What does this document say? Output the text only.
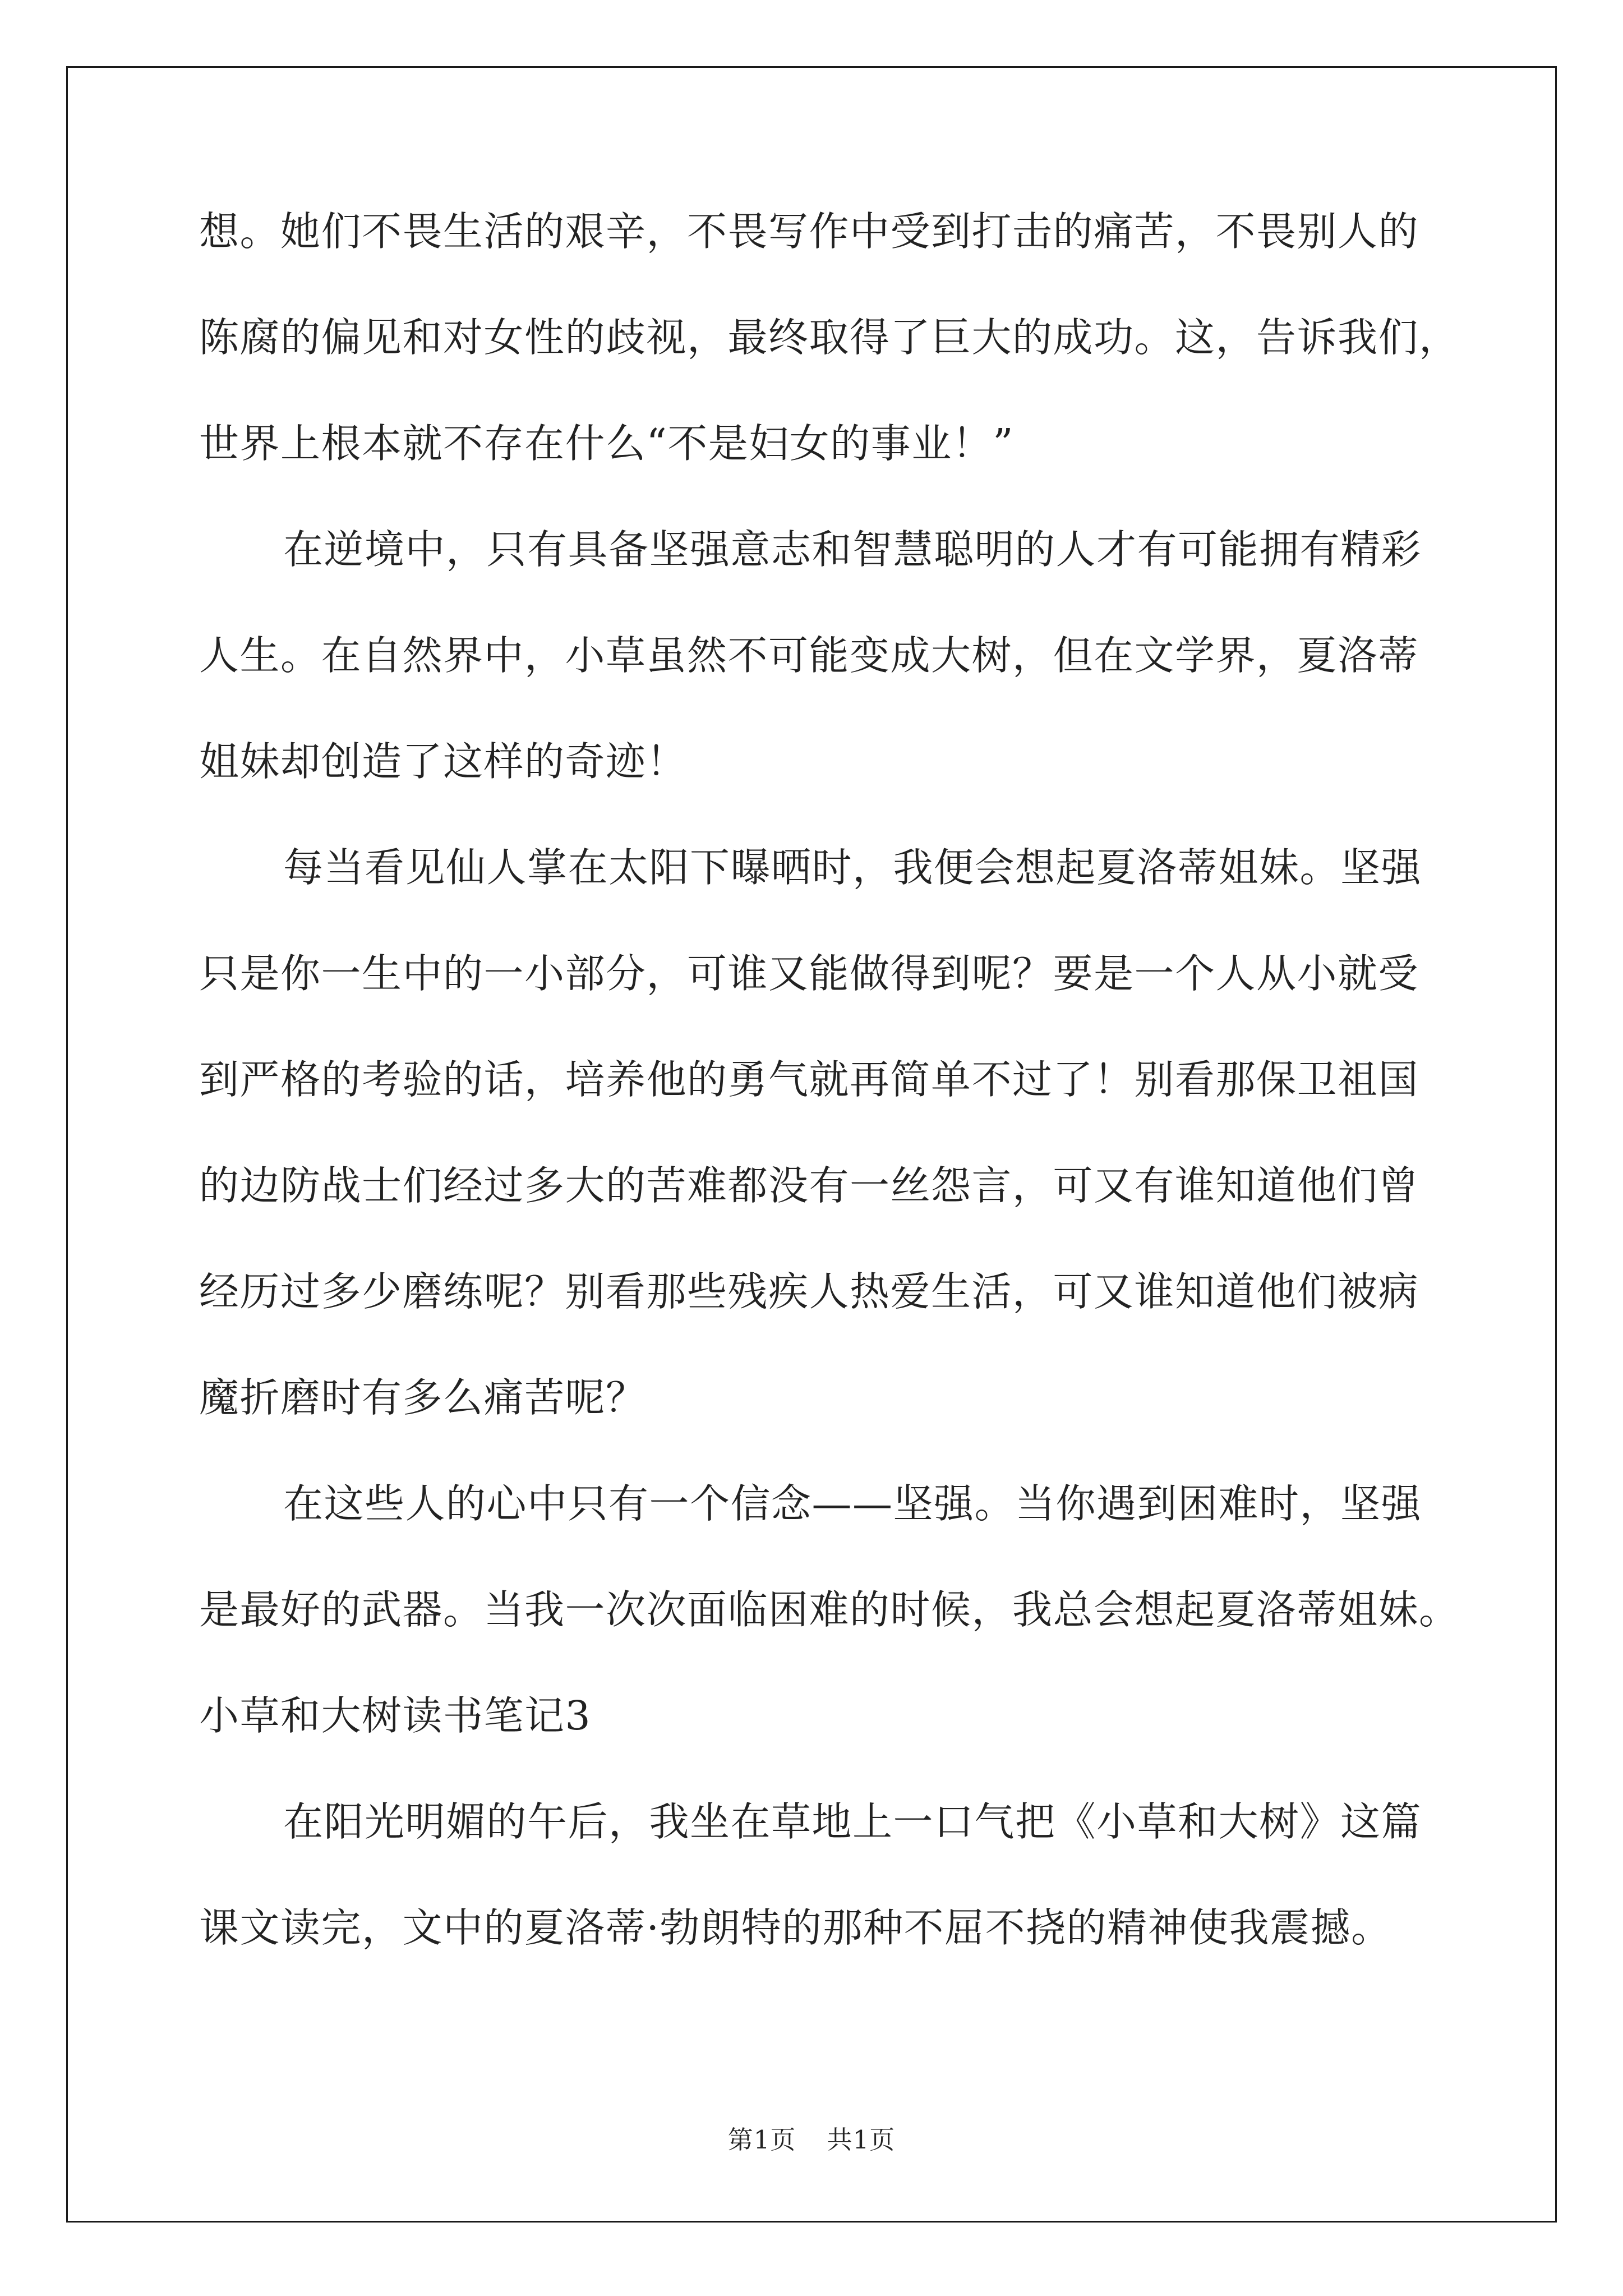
想。她们不畏生活的艰辛，不畏写作中受到打击的痛苦，不畏别人的
陈腐的偏见和对女性的歧视，最终取得了巨大的成功。这，告诉我们，
世界上根本就不存在什么“不是妇女的事业！”
在逆境中，只有具备坚强意志和智慧聪明的人才有可能拥有精彩
人生。在自然界中，小草虽然不可能变成大树，但在文学界，夏洛蒂
姐妹却创造了这样的奇迹！
每当看见仙人掌在太阳下曝晒时，我便会想起夏洛蒂姐妹。坚强
只是你一生中的一小部分，可谁又能做得到呢？要是一个人从小就受
到严格的考验的话，培养他的勇气就再简单不过了！别看那保卫祖国
的边防战士们经过多大的苦难都没有一丝怨言，可又有谁知道他们曾
经历过多少磨练呢？别看那些残疾人热爱生活，可又谁知道他们被病
魔折磨时有多么痛苦呢？
在这些人的心中只有一个信念——坚强。当你遇到困难时，坚强
是最好的武器。当我一次次面临困难的时候，我总会想起夏洛蒂姐妹。
小草和大树读书笔记3
在阳光明媚的午后，我坐在草地上一口气把《小草和大树》这篇
课文读完，文中的夏洛蒂·勃朗特的那种不屈不挠的精神使我震撼。
第1页 共1页
